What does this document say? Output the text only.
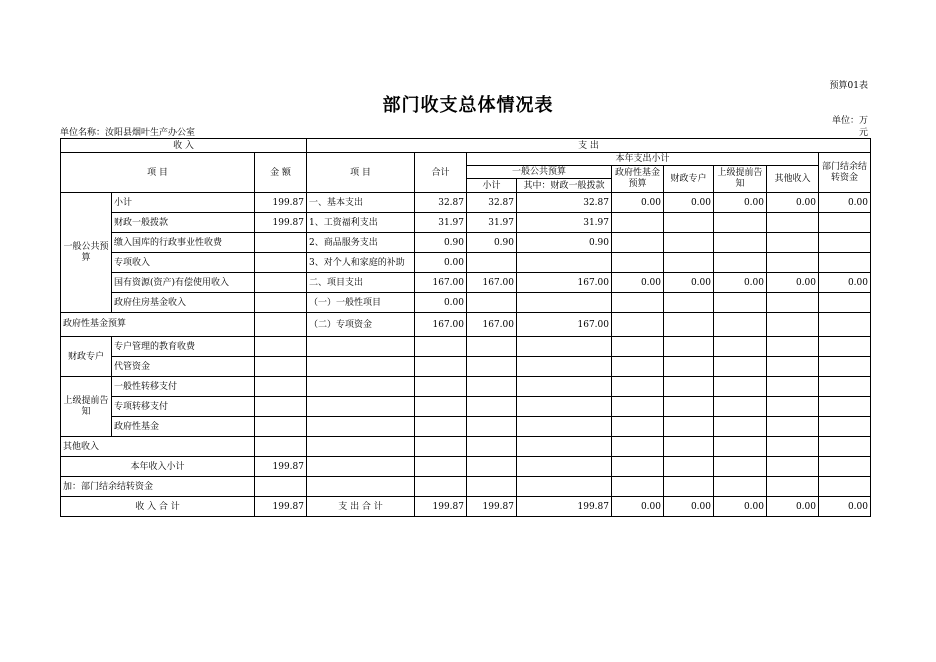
预算01表
部门收支总体情况表
单位：万
元
单位名称：汝阳县烟叶生产办公室
收 入			支 出								
项 目		金 额	项 目	合计	本年支出小计						部门结余结转资金
					一般公共预算		政府性基金预算	财政专户	上级提前告知	其他收入	
					小计	其中：财政一般拨款					
一般公共预算	小计	199.87	一、基本支出	32.87	32.87	32.87	0.00	0.00	0.00	0.00	0.00
	财政一般拨款	199.87	1、工资福利支出	31.97	31.97	31.97					
	缴入国库的行政事业性收费		2、商品服务支出	0.90	0.90	0.90					
	专项收入		3、对个人和家庭的补助	0.00							
	国有资源(资产)有偿使用收入		二、项目支出	167.00	167.00	167.00	0.00	0.00	0.00	0.00	0.00
	政府住房基金收入		（一）一般性项目	0.00							
政府性基金预算			（二）专项资金	167.00	167.00	167.00					
财政专户	专户管理的教育收费										
	代管资金										
上级提前告知	一般性转移支付										
	专项转移支付										
	政府性基金										
其他收入											
本年收入小计		199.87									
加：部门结余结转资金											
收 入 合 计		199.87	支 出 合 计	199.87	199.87	199.87	0.00	0.00	0.00	0.00	0.00
